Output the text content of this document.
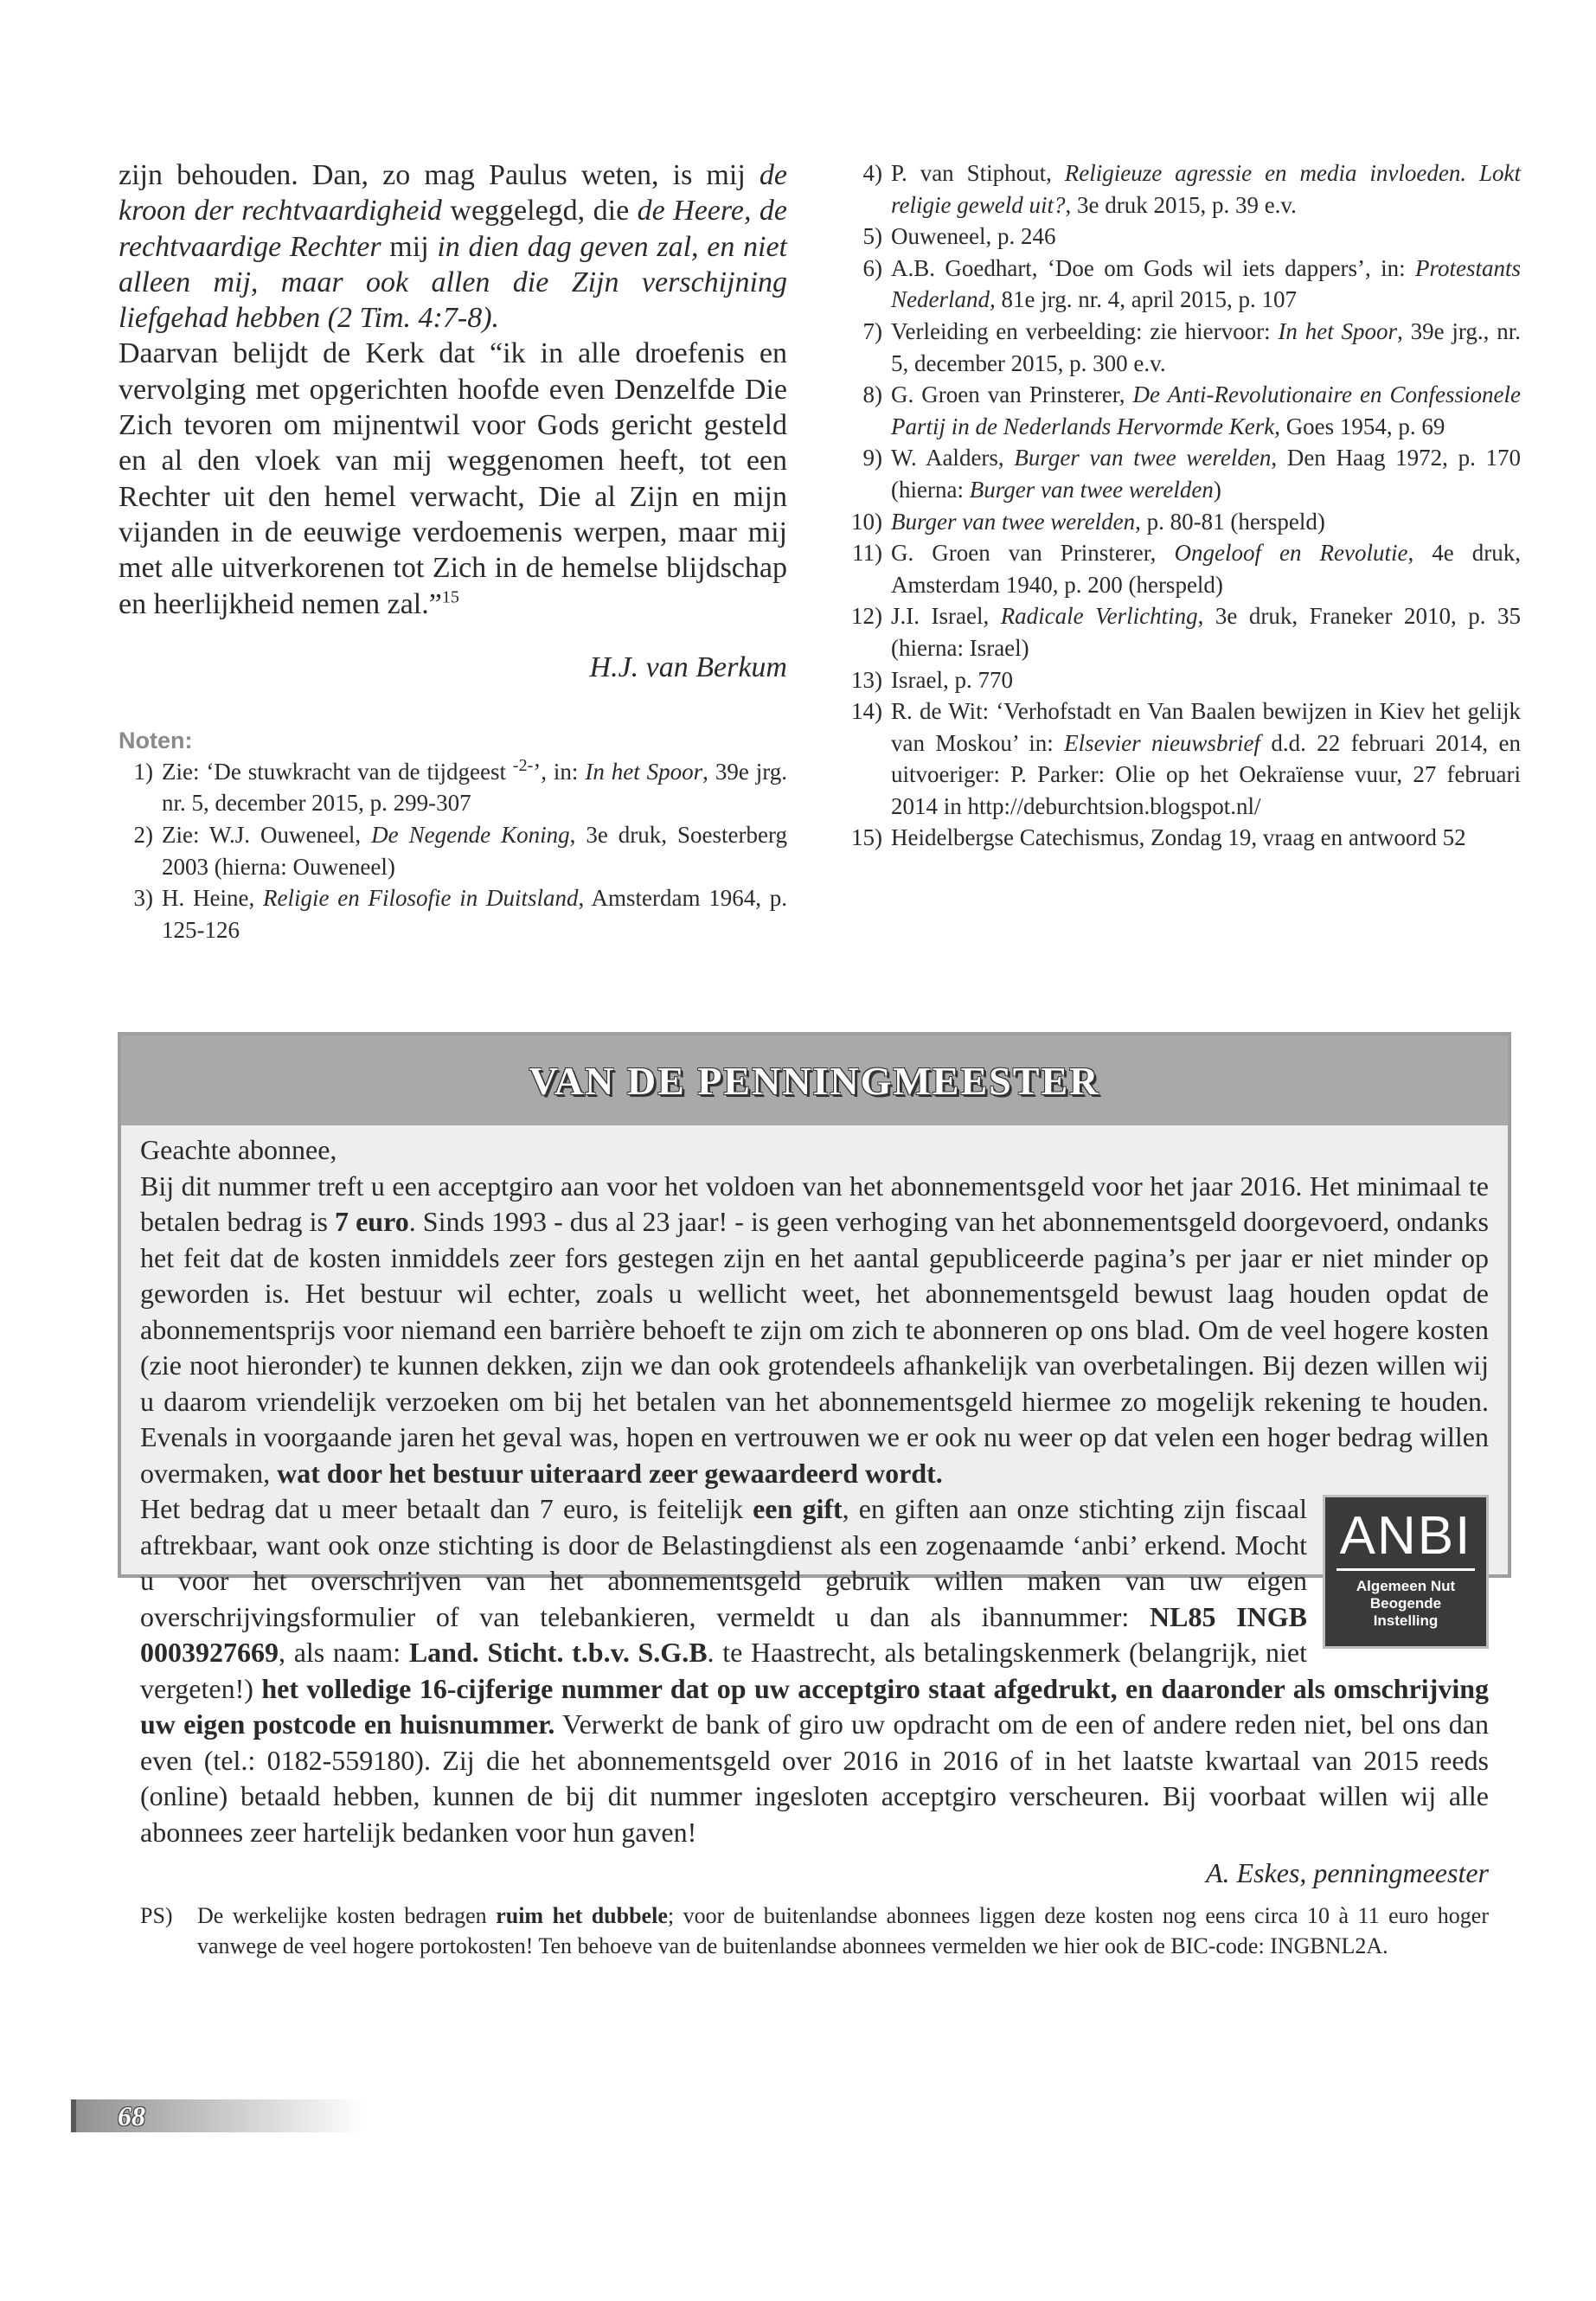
zijn behouden. Dan, zo mag Paulus weten, is mij de kroon der rechtvaardigheid weggelegd, die de Heere, de rechtvaardige Rechter mij in dien dag geven zal, en niet alleen mij, maar ook allen die Zijn verschijning liefgehad hebben (2 Tim. 4:7-8).

Daarvan belijdt de Kerk dat “ik in alle droefenis en vervolging met opgerichten hoofde even Denzelfde Die Zich tevoren om mijnentwil voor Gods gericht gesteld en al den vloek van mij weggenomen heeft, tot een Rechter uit den hemel verwacht, Die al Zijn en mijn vijanden in de eeuwige verdoemenis werpen, maar mij met alle uitverkorenen tot Zich in de hemelse blijdschap en heerlijkheid nemen zal.”$^{15}$

H.J. van Berkum
Noten:
1) Zie: ‘De stuwkracht van de tijdgeest $^{-2-}$’, in: In het Spoor, 39e jrg. nr. 5, december 2015, p. 299-307
2) Zie: W.J. Ouweneel, De Negende Koning, 3e druk, Soesterberg 2003 (hierna: Ouweneel)
3) H. Heine, Religie en Filosofie in Duitsland, Amsterdam 1964, p. 125-126
4) P. van Stiphout, Religieuze agressie en media invloeden. Lokt religie geweld uit?, 3e druk 2015, p. 39 e.v.
5) Ouweneel, p. 246
6) A.B. Goedhart, ‘Doe om Gods wil iets dappers’, in: Protestants Nederland, 81e jrg. nr. 4, april 2015, p. 107
7) Verleiding en verbeelding: zie hiervoor: In het Spoor, 39e jrg., nr. 5, december 2015, p. 300 e.v.
8) G. Groen van Prinsterer, De Anti-Revolutionaire en Confessionele Partij in de Nederlands Hervormde Kerk, Goes 1954, p. 69
9) W. Aalders, Burger van twee werelden, Den Haag 1972, p. 170 (hierna: Burger van twee werelden)
10) Burger van twee werelden, p. 80-81 (herspeld)
11) G. Groen van Prinsterer, Ongeloof en Revolutie, 4e druk, Amsterdam 1940, p. 200 (herspeld)
12) J.I. Israel, Radicale Verlichting, 3e druk, Franeker 2010, p. 35 (hierna: Israel)
13) Israel, p. 770
14) R. de Wit: ‘Verhofstadt en Van Baalen bewijzen in Kiev het gelijk van Moskou’ in: Elsevier nieuwsbrief d.d. 22 februari 2014, en uitvoeriger: P. Parker: Olie op het Oekraïense vuur, 27 februari 2014 in http://deburchtsion.blogspot.nl/
15) Heidelbergse Catechismus, Zondag 19, vraag en antwoord 52
VAN DE PENNINGMEESTER

Geachte abonnee,

Bij dit nummer treft u een acceptgiro aan voor het voldoen van het abonnementsgeld voor het jaar 2016. Het minimaal te betalen bedrag is 7 euro. Sinds 1993 - dus al 23 jaar! - is geen verhoging van het abonnementsgeld doorgevoerd, ondanks het feit dat de kosten inmiddels zeer fors gestegen zijn en het aantal gepubliceerde pagina’s per jaar er niet minder op geworden is. Het bestuur wil echter, zoals u wellicht weet, het abonnementsgeld bewust laag houden opdat de abonnementsprijs voor niemand een barrière behoeft te zijn om zich te abonneren op ons blad. Om de veel hogere kosten (zie noot hieronder) te kunnen dekken, zijn we dan ook grotendeels afhankelijk van overbetalingen. Bij dezen willen wij u daarom vriendelijk verzoeken om bij het betalen van het abonnementsgeld hiermee zo mogelijk rekening te houden. Evenals in voorgaande jaren het geval was, hopen en vertrouwen we er ook nu weer op dat velen een hoger bedrag willen overmaken, wat door het bestuur uiteraard zeer gewaardeerd wordt.

ANBI
Algemeen Nut
Beogende
Instelling

Het bedrag dat u meer betaalt dan 7 euro, is feitelijk een gift, en giften aan onze stichting zijn fiscaal aftrekbaar, want ook onze stichting is door de Belastingdienst als een zogenaamde ‘anbi’ erkend. Mocht u voor het overschrijven van het abonnementsgeld gebruik willen maken van uw eigen overschrijvingsformulier of van telebankieren, vermeldt u dan als ibannummer: NL85 INGB 0003927669, als naam: Land. Sticht. t.b.v. S.G.B. te Haastrecht, als betalingskenmerk (belangrijk, niet vergeten!) het volledige 16-cijferige nummer dat op uw acceptgiro staat afgedrukt, en daaronder als omschrijving uw eigen postcode en huisnummer. Verwerkt de bank of giro uw opdracht om de een of andere reden niet, bel ons dan even (tel.: 0182-559180). Zij die het abonnementsgeld over 2016 in 2016 of in het laatste kwartaal van 2015 reeds (online) betaald hebben, kunnen de bij dit nummer ingesloten acceptgiro verscheuren. Bij voorbaat willen wij alle abonnees zeer hartelijk bedanken voor hun gaven!

A. Eskes, penningmeester
PS) De werkelijke kosten bedragen ruim het dubbele; voor de buitenlandse abonnees liggen deze kosten nog eens circa 10 à 11 euro hoger vanwege de veel hogere portokosten! Ten behoeve van de buitenlandse abonnees vermelden we hier ook de BIC-code: INGBNL2A.
68
